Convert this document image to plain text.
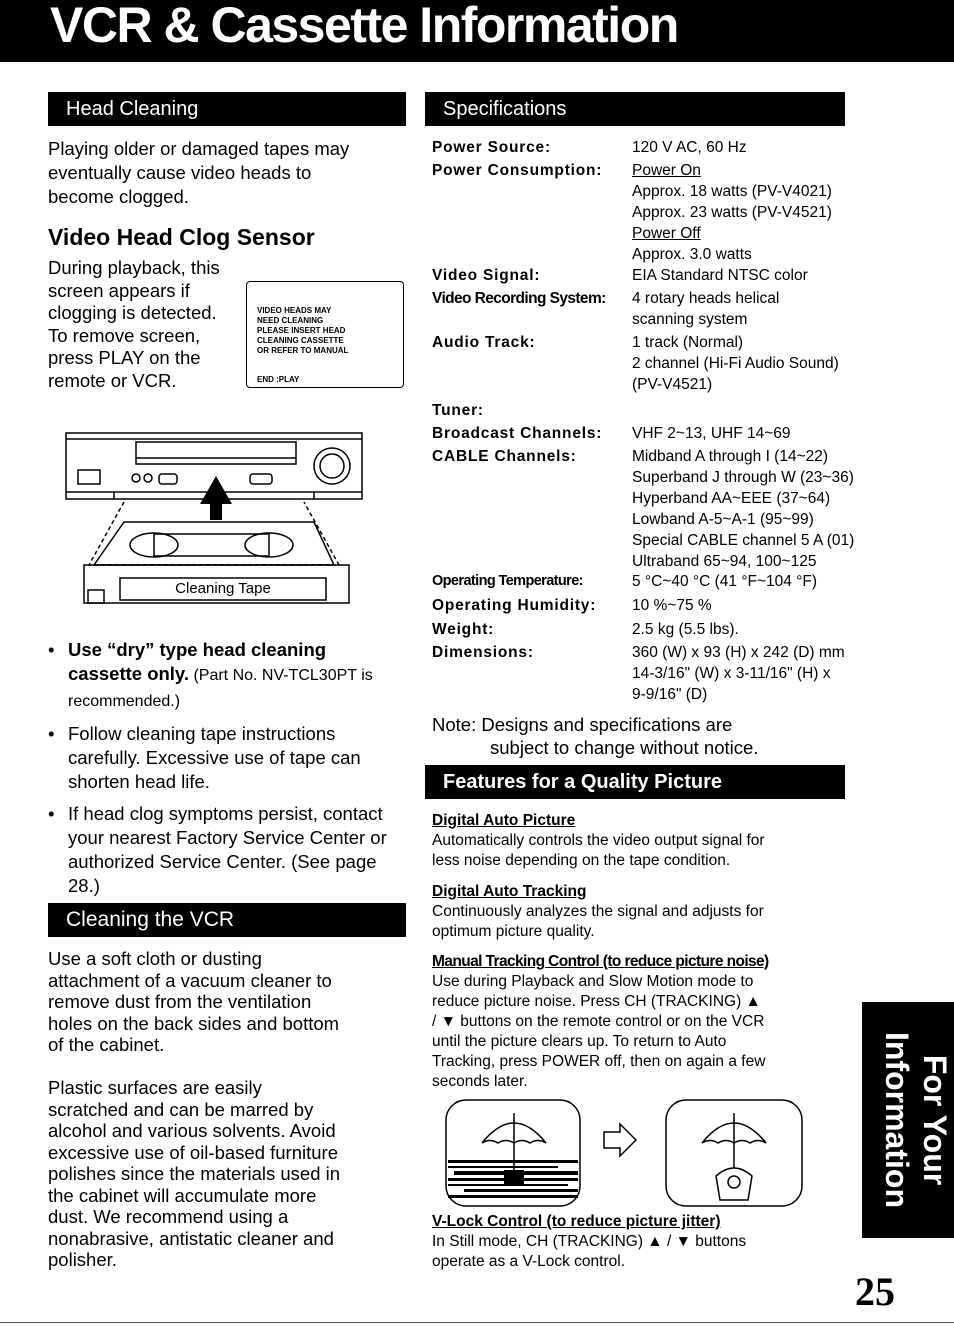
VCR & Cassette Information
Head Cleaning
Playing older or damaged tapes may
eventually cause video heads to
become clogged.
Video Head Clog Sensor
During playback, this
screen appears if
clogging is detected.
To remove screen,
press PLAY on the
remote or VCR.
VIDEO HEADS MAY
NEED CLEANING
PLEASE INSERT HEAD
CLEANING CASSETTE
OR REFER TO MANUAL
END :PLAY
Cleaning Tape
• Use “dry” type head cleaning cassette only. (Part No. NV-TCL30PT is recommended.)
• Follow cleaning tape instructions carefully. Excessive use of tape can shorten head life.
• If head clog symptoms persist, contact your nearest Factory Service Center or authorized Service Center. (See page 28.)
Cleaning the VCR
Use a soft cloth or dusting
attachment of a vacuum cleaner to
remove dust from the ventilation
holes on the back sides and bottom
of the cabinet.
Plastic surfaces are easily
scratched and can be marred by
alcohol and various solvents. Avoid
excessive use of oil-based furniture
polishes since the materials used in
the cabinet will accumulate more
dust. We recommend using a
nonabrasive, antistatic cleaner and
polisher.
Specifications
Power Source:	120 V AC, 60 Hz
Power Consumption:	Power On
Approx. 18 watts (PV-V4021)
Approx. 23 watts (PV-V4521)
Power Off
Approx. 3.0 watts
Video Signal:	EIA Standard NTSC color
Video Recording System:	4 rotary heads helical
scanning system
Audio Track:	1 track (Normal)
2 channel (Hi-Fi Audio Sound)
(PV-V4521)
Tuner:
Broadcast Channels:	VHF 2~13, UHF 14~69
CABLE Channels:	Midband A through I (14~22)
Superband J through W (23~36)
Hyperband AA~EEE (37~64)
Lowband A-5~A-1 (95~99)
Special CABLE channel 5 A (01)
Ultraband 65~94, 100~125
Operating Temperature:	5 °C~40 °C (41 °F~104 °F)
Operating Humidity:	10 %~75 %
Weight:	2.5 kg (5.5 lbs).
Dimensions:	360 (W) x 93 (H) x 242 (D) mm
14-3/16" (W) x 3-11/16" (H) x
9-9/16" (D)
Note: Designs and specifications are
subject to change without notice.
Features for a Quality Picture
Digital Auto Picture
Automatically controls the video output signal for
less noise depending on the tape condition.
Digital Auto Tracking
Continuously analyzes the signal and adjusts for
optimum picture quality.
Manual Tracking Control (to reduce picture noise)
Use during Playback and Slow Motion mode to
reduce picture noise. Press CH (TRACKING) ▲
/ ▼ buttons on the remote control or on the VCR
until the picture clears up. To return to Auto
Tracking, press POWER off, then on again a few
seconds later.
V-Lock Control (to reduce picture jitter)
In Still mode, CH (TRACKING) ▲ / ▼ buttons
operate as a V-Lock control.
For Your
Information
25
